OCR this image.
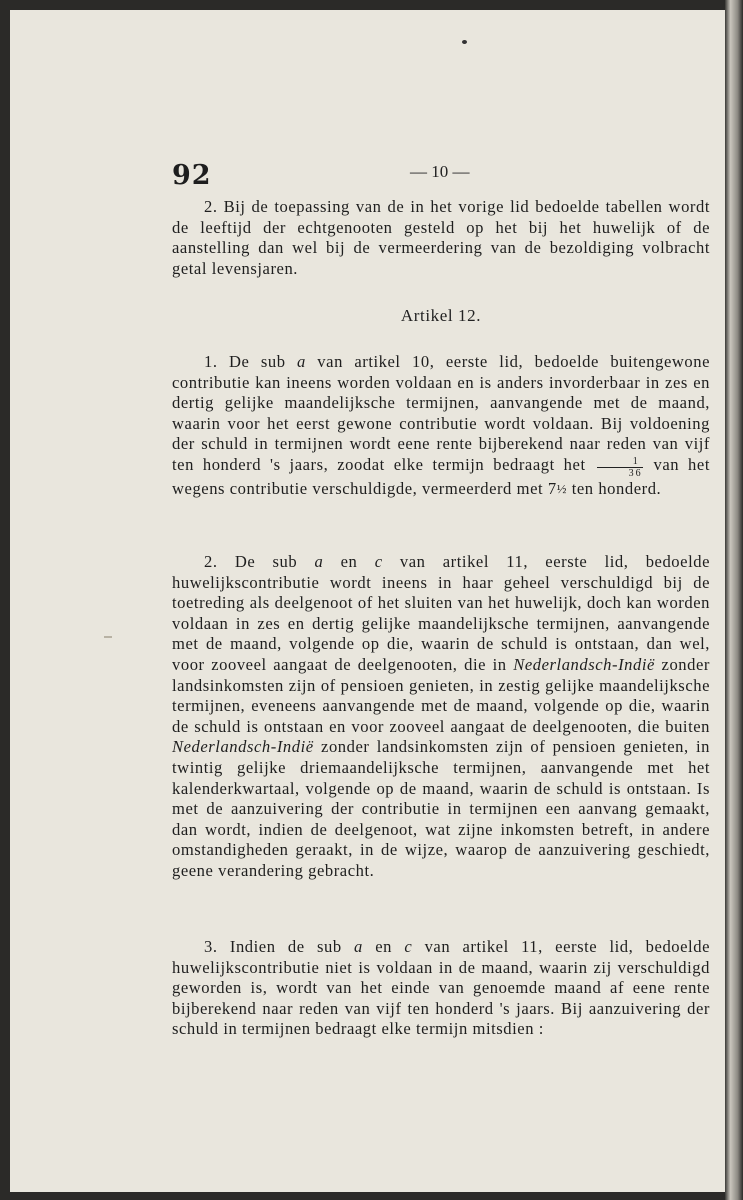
92	— 10 —
2. Bij de toepassing van de in het vorige lid bedoelde tabellen wordt de leeftijd der echtgenooten gesteld op het bij het huwelijk of de aanstelling dan wel bij de vermeerdering van de bezoldiging volbracht getal levensjaren.
Artikel 12.
1. De sub a van artikel 10, eerste lid, bedoelde buitengewone contributie kan ineens worden voldaan en is anders invorderbaar in zes en dertig gelijke maandelijksche termijnen, aanvangende met de maand, waarin voor het eerst gewone contributie wordt voldaan. Bij voldoening der schuld in termijnen wordt eene rente bijberekend naar reden van vijf ten honderd 's jaars, zoodat elke termijn bedraagt het $\frac{1}{36}$ van het wegens contributie verschuldigde, vermeerderd met 7½ ten honderd.
2. De sub a en c van artikel 11, eerste lid, bedoelde huwelijkscontributie wordt ineens in haar geheel verschuldigd bij de toetreding als deelgenoot of het sluiten van het huwelijk, doch kan worden voldaan in zes en dertig gelijke maandelijksche termijnen, aanvangende met de maand, volgende op die, waarin de schuld is ontstaan, dan wel, voor zooveel aangaat de deelgenooten, die in Nederlandsch-Indië zonder landsinkomsten zijn of pensioen genieten, in zestig gelijke maandelijksche termijnen, eveneens aanvangende met de maand, volgende op die, waarin de schuld is ontstaan en voor zooveel aangaat de deelgenooten, die buiten Nederlandsch-Indië zonder landsinkomsten zijn of pensioen genieten, in twintig gelijke driemaandelijksche termijnen, aanvangende met het kalenderkwartaal, volgende op de maand, waarin de schuld is ontstaan. Is met de aanzuivering der contributie in termijnen een aanvang gemaakt, dan wordt, indien de deelgenoot, wat zijne inkomsten betreft, in andere omstandigheden geraakt, in de wijze, waarop de aanzuivering geschiedt, geene verandering gebracht.
3. Indien de sub a en c van artikel 11, eerste lid, bedoelde huwelijkscontributie niet is voldaan in de maand, waarin zij verschuldigd geworden is, wordt van het einde van genoemde maand af eene rente bijberekend naar reden van vijf ten honderd 's jaars. Bij aanzuivering der schuld in termijnen bedraagt elke termijn mitsdien :
